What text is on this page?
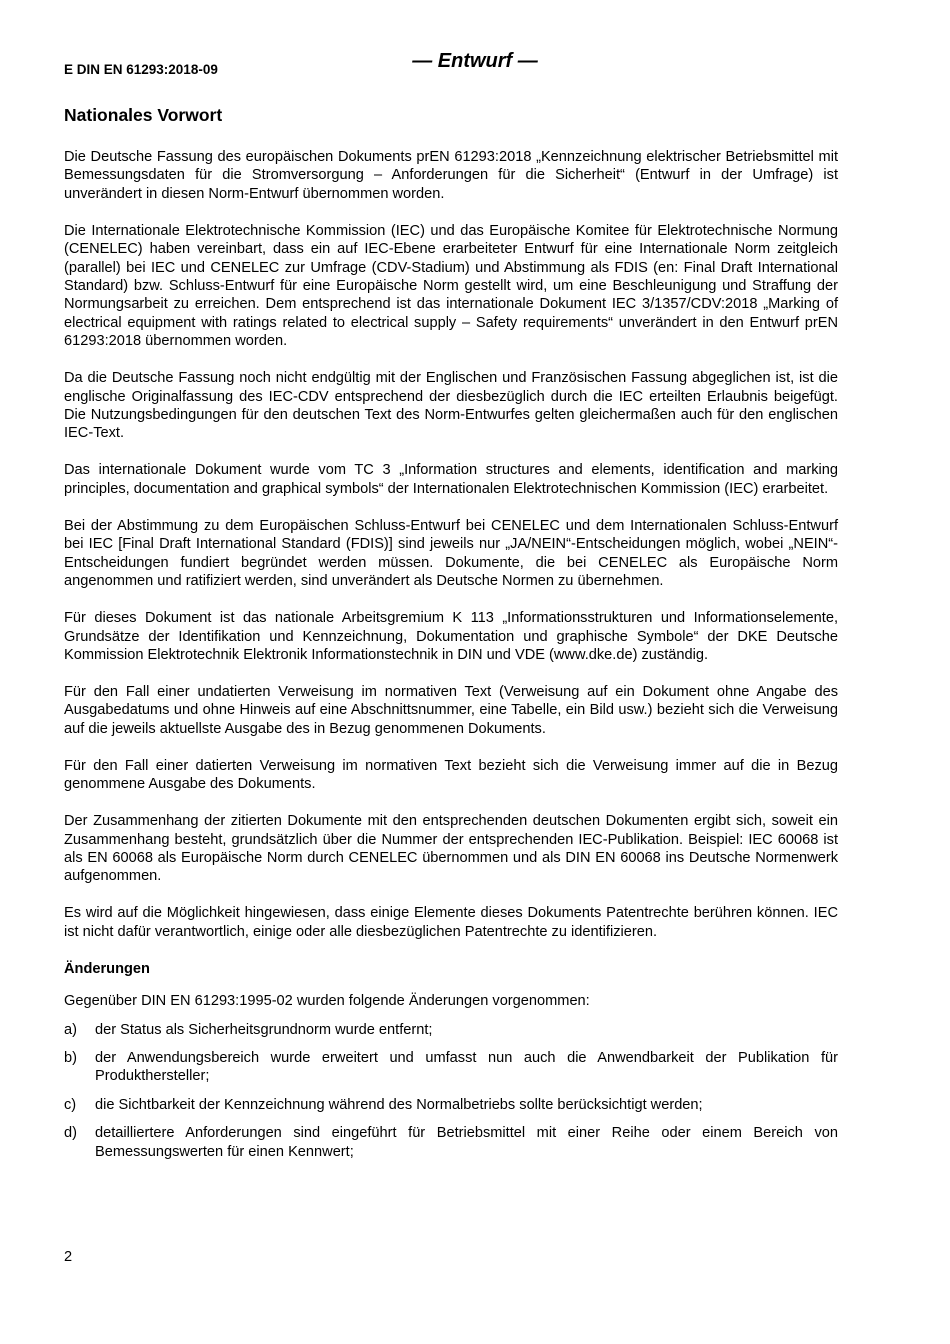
E DIN EN 61293:2018-09	— Entwurf —
Nationales Vorwort

Die Deutsche Fassung des europäischen Dokuments prEN 61293:2018 „Kennzeichnung elektrischer Betriebsmittel mit Bemessungsdaten für die Stromversorgung – Anforderungen für die Sicherheit“ (Entwurf in der Umfrage) ist unverändert in diesen Norm-Entwurf übernommen worden.

Die Internationale Elektrotechnische Kommission (IEC) und das Europäische Komitee für Elektrotechnische Normung (CENELEC) haben vereinbart, dass ein auf IEC-Ebene erarbeiteter Entwurf für eine Internationale Norm zeitgleich (parallel) bei IEC und CENELEC zur Umfrage (CDV-Stadium) und Abstimmung als FDIS (en: Final Draft International Standard) bzw. Schluss-Entwurf für eine Europäische Norm gestellt wird, um eine Beschleunigung und Straffung der Normungsarbeit zu erreichen. Dem entsprechend ist das internationale Dokument IEC 3/1357/CDV:2018 „Marking of electrical equipment with ratings related to electrical supply – Safety requirements“ unverändert in den Entwurf prEN 61293:2018 übernommen worden.

Da die Deutsche Fassung noch nicht endgültig mit der Englischen und Französischen Fassung abgeglichen ist, ist die englische Originalfassung des IEC-CDV entsprechend der diesbezüglich durch die IEC erteilten Erlaubnis beigefügt. Die Nutzungsbedingungen für den deutschen Text des Norm-Entwurfes gelten gleichermaßen auch für den englischen IEC-Text.

Das internationale Dokument wurde vom TC 3 „Information structures and elements, identification and marking principles, documentation and graphical symbols“ der Internationalen Elektrotechnischen Kommission (IEC) erarbeitet.

Bei der Abstimmung zu dem Europäischen Schluss-Entwurf bei CENELEC und dem Internationalen Schluss-Entwurf bei IEC [Final Draft International Standard (FDIS)] sind jeweils nur „JA/NEIN“-Entscheidungen möglich, wobei „NEIN“-Entscheidungen fundiert begründet werden müssen. Dokumente, die bei CENELEC als Europäische Norm angenommen und ratifiziert werden, sind unverändert als Deutsche Normen zu übernehmen.

Für dieses Dokument ist das nationale Arbeitsgremium K 113 „Informationsstrukturen und Informationselemente, Grundsätze der Identifikation und Kennzeichnung, Dokumentation und graphische Symbole“ der DKE Deutsche Kommission Elektrotechnik Elektronik Informationstechnik in DIN und VDE (www.dke.de) zuständig.

Für den Fall einer undatierten Verweisung im normativen Text (Verweisung auf ein Dokument ohne Angabe des Ausgabedatums und ohne Hinweis auf eine Abschnittsnummer, eine Tabelle, ein Bild usw.) bezieht sich die Verweisung auf die jeweils aktuellste Ausgabe des in Bezug genommenen Dokuments.

Für den Fall einer datierten Verweisung im normativen Text bezieht sich die Verweisung immer auf die in Bezug genommene Ausgabe des Dokuments.

Der Zusammenhang der zitierten Dokumente mit den entsprechenden deutschen Dokumenten ergibt sich, soweit ein Zusammenhang besteht, grundsätzlich über die Nummer der entsprechenden IEC-Publikation. Beispiel: IEC 60068 ist als EN 60068 als Europäische Norm durch CENELEC übernommen und als DIN EN 60068 ins Deutsche Normenwerk aufgenommen.

Es wird auf die Möglichkeit hingewiesen, dass einige Elemente dieses Dokuments Patentrechte berühren können. IEC ist nicht dafür verantwortlich, einige oder alle diesbezüglichen Patentrechte zu identifizieren.

Änderungen

Gegenüber DIN EN 61293:1995-02 wurden folgende Änderungen vorgenommen:

a)	der Status als Sicherheitsgrundnorm wurde entfernt;
b)	der Anwendungsbereich wurde erweitert und umfasst nun auch die Anwendbarkeit der Publikation für Produkthersteller;
c)	die Sichtbarkeit der Kennzeichnung während des Normalbetriebs sollte berücksichtigt werden;
d)	detailliertere Anforderungen sind eingeführt für Betriebsmittel mit einer Reihe oder einem Bereich von Bemessungswerten für einen Kennwert;
2
